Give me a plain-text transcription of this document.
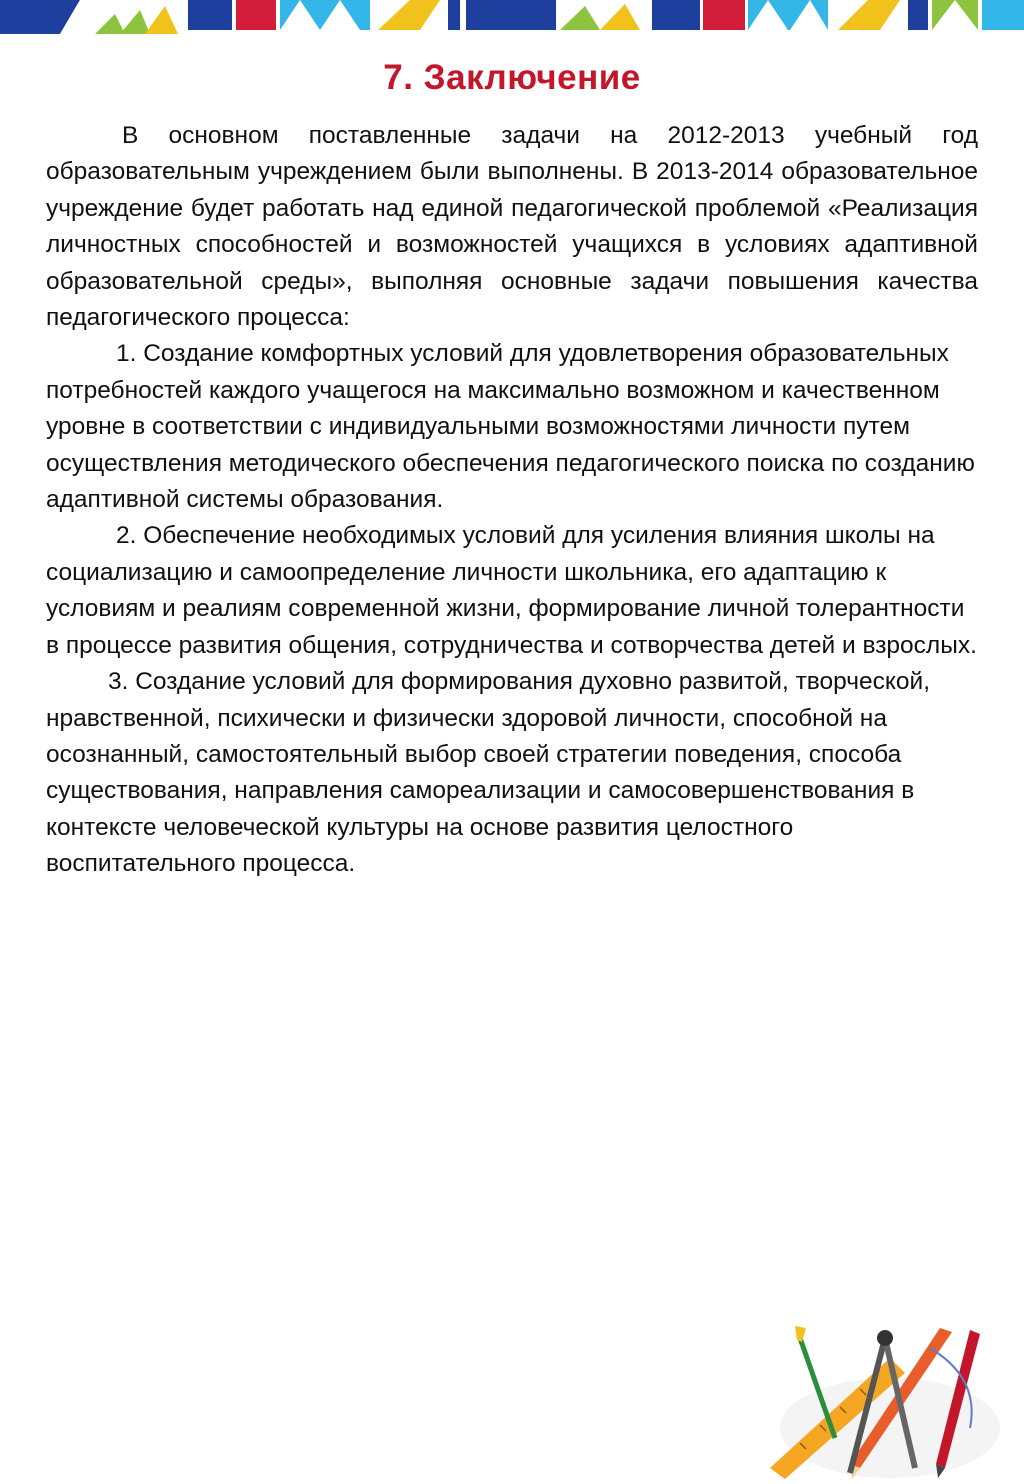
7. Заключение

В основном поставленные задачи на 2012-2013 учебный год образовательным учреждением были выполнены. В 2013-2014 образовательное учреждение будет работать над единой педагогической проблемой «Реализация личностных способностей и возможностей учащихся в условиях адаптивной образовательной среды», выполняя основные задачи повышения качества педагогического процесса:

1. Создание комфортных условий для удовлетворения образовательных потребностей каждого учащегося на максимально возможном и качественном уровне в соответствии с индивидуальными возможностями личности путем осуществления методического обеспечения педагогического поиска по созданию адаптивной системы образования.

2. Обеспечение необходимых условий для усиления влияния школы на социализацию и самоопределение личности школьника, его адаптацию к условиям и реалиям современной жизни, формирование личной толерантности в процессе развития общения, сотрудничества и сотворчества детей и взрослых.

3. Создание условий для формирования духовно развитой, творческой, нравственной, психически и физически здоровой личности, способной на осознанный, самостоятельный выбор своей стратегии поведения, способа существования, направления самореализации и самосовершенствования в контексте человеческой культуры на основе развития целостного воспитательного процесса.
